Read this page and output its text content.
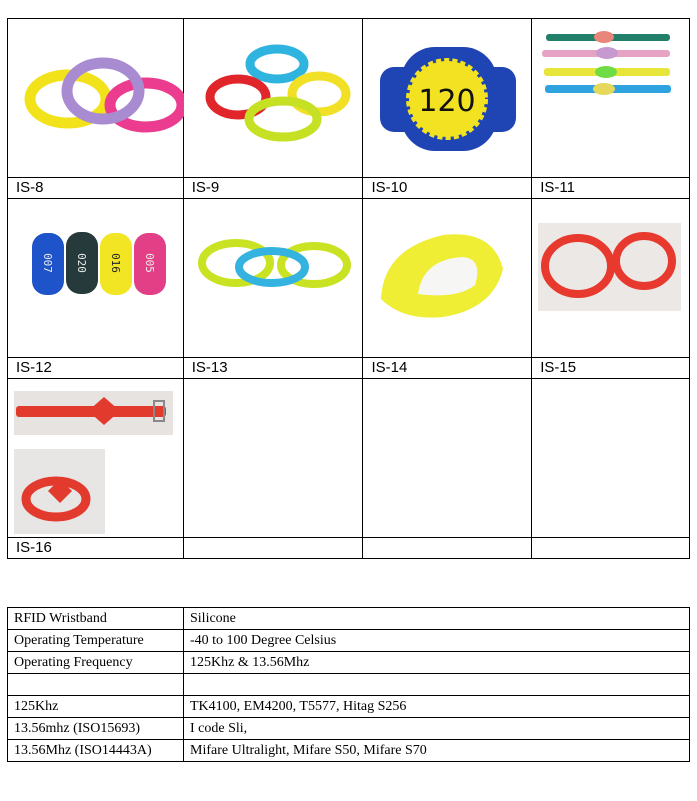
120

IS-8	IS-9	IS-10	IS-11

007 020 016 005

IS-12	IS-13	IS-14	IS-15

IS-16			
RFID Wristband	Silicone
Operating Temperature	-40 to 100 Degree Celsius
Operating Frequency	125Khz & 13.56Mhz

125Khz	TK4100, EM4200, T5577, Hitag S256
13.56mhz (ISO15693)	I code Sli,
13.56Mhz (ISO14443A)	Mifare Ultralight, Mifare S50, Mifare S70
